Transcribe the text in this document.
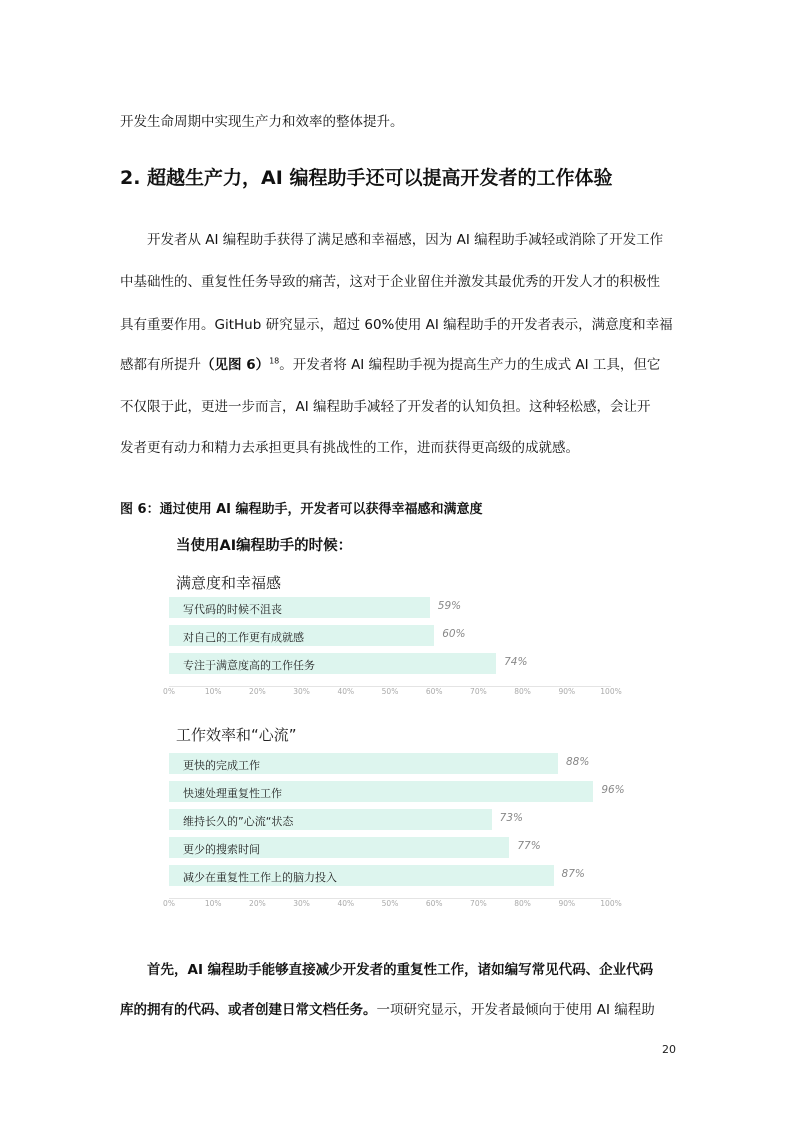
开发生命周期中实现生产力和效率的整体提升。
2. 超越生产力，AI 编程助手还可以提高开发者的工作体验
　　开发者从 AI 编程助手获得了满足感和幸福感，因为 AI 编程助手减轻或消除了开发工作
中基础性的、重复性任务导致的痛苦，这对于企业留住并激发其最优秀的开发人才的积极性
具有重要作用。GitHub 研究显示，超过 60%使用 AI 编程助手的开发者表示，满意度和幸福
感都有所提升（见图 6）$^{18}$。开发者将 AI 编程助手视为提高生产力的生成式 AI 工具，但它
不仅限于此，更进一步而言，AI 编程助手减轻了开发者的认知负担。这种轻松感，会让开
发者更有动力和精力去承担更具有挑战性的工作，进而获得更高级的成就感。
图 6：通过使用 AI 编程助手，开发者可以获得幸福感和满意度
当使用AI编程助手的时候：
满意度和幸福感
写代码的时候不沮丧	59%
对自己的工作更有成就感	60%
专注于满意度高的工作任务	74%
0%	10%	20%	30%	40%	50%	60%	70%	80%	90%	100%
工作效率和“心流”
更快的完成工作	88%
快速处理重复性工作	96%
维持长久的”心流“状态	73%
更少的搜索时间	77%
减少在重复性工作上的脑力投入	87%
0%	10%	20%	30%	40%	50%	60%	70%	80%	90%	100%
　　首先，AI 编程助手能够直接减少开发者的重复性工作，诸如编写常见代码、企业代码
库的拥有的代码、或者创建日常文档任务。一项研究显示，开发者最倾向于使用 AI 编程助
20
